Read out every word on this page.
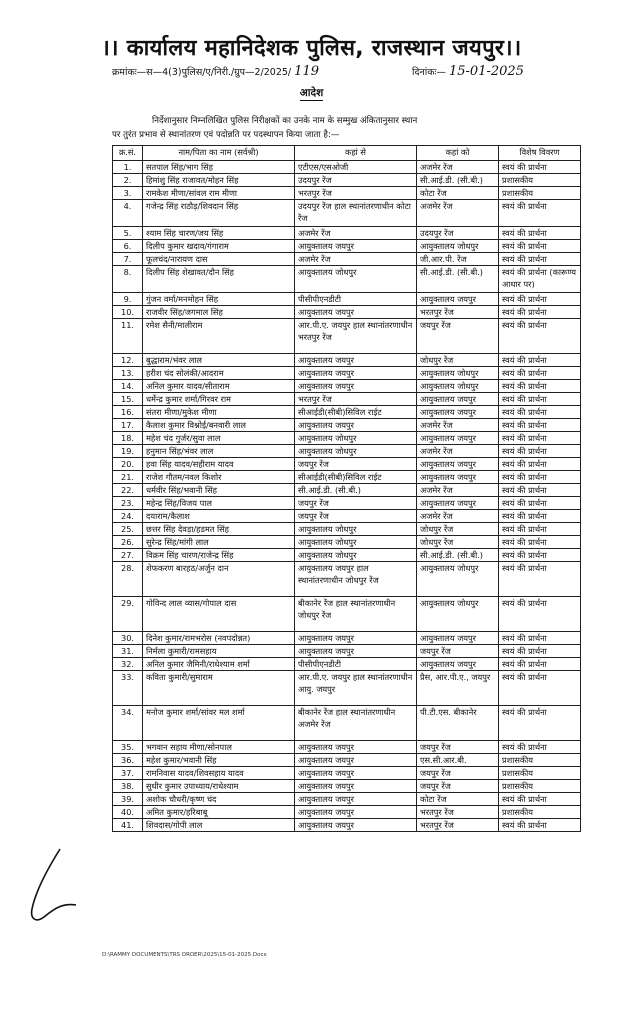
।। कार्यालय महानिदेशक पुलिस, राजस्थान जयपुर।।
क्रमांकः—स—4(3)पुलिस/ए/निरी./ग्रुप—2/2025/ 119	दिनांकः— 15-01-2025
आदेश
निर्देशानुसार निम्नलिखित पुलिस निरीक्षकों का उनके नाम के सम्मुख अंकितानुसार स्थान
पर तुरंत प्रभाव से स्थानांतरण एवं पदोन्नति पर पदस्थापन किया जाता है:—
क्र.सं.	नाम/पिता का नाम (सर्वश्री)	कहां से	कहां को	विशेष विवरण
1.	सतपाल सिंह/भाग सिंह	एटीएस/एसओजी	अजमेर रेंज	स्वयं की प्रार्थना
2.	हिमांशु सिंह राजावत/मोहन सिंह	उदयपुर रेंज	सी.आई.डी. (सी.बी.)	प्रशासकीय
3.	रामकेश मीणा/सांवल राम मीणा	भरतपुर रेंज	कोटा रेंज	प्रशासकीय
4.	गजेन्द्र सिंह राठौड़/शिवदान सिंह	उदयपुर रेंज हाल स्थानांतरणाधीन कोटा रेंज	अजमेर रेंज	स्वयं की प्रार्थना
5.	श्याम सिंह चारण/जय सिंह	अजमेर रेंज	उदयपुर रेंज	स्वयं की प्रार्थना
6.	दिलीप कुमार खदाव/गंगाराम	आयुक्तालय जयपुर	आयुक्तालय जोधपुर	स्वयं की प्रार्थना
7.	फूलचंद/नारायण दास	अजमेर रेंज	जी.आर.पी. रेंज	स्वयं की प्रार्थना
8.	दिलीप सिंह शेखावत/दौन सिंह	आयुक्तालय जोधपुर	सी.आई.डी. (सी.बी.)	स्वयं की प्रार्थना (कारूण्य आधार पर)
9.	गुंजन वर्मा/मनमोहन सिंह	पीसीपीएनडीटी	आयुक्तालय जयपुर	स्वयं की प्रार्थना
10.	राजवीर सिंह/जगमाल सिंह	आयुक्तालय जयपुर	भरतपुर रेंज	स्वयं की प्रार्थना
11.	रमेश सैनी/मालीराम	आर.पी.ए. जयपुर हाल स्थानांतरणाधीन भरतपुर रेंज	जयपुर रेंज	स्वयं की प्रार्थना
12.	बुद्धाराम/भंवर लाल	आयुक्तालय जयपुर	जोधपुर रेंज	स्वयं की प्रार्थना
13.	हरीश चंद सोलंकी/आदराम	आयुक्तालय जयपुर	आयुक्तालय जोधपुर	स्वयं की प्रार्थना
14.	अनिल कुमार यादव/सीताराम	आयुक्तालय जयपुर	आयुक्तालय जोधपुर	स्वयं की प्रार्थना
15.	धर्मेन्द्र कुमार शर्मा/गिरवर राम	भरतपुर रेंज	आयुक्तालय जयपुर	स्वयं की प्रार्थना
16.	संतरा मीणा/मुकेश मीणा	सीआईडी(सीबी)सिविल राईट	आयुक्तालय जयपुर	स्वयं की प्रार्थना
17.	कैलाश कुमार विश्नोई/बनवारी लाल	आयुक्तालय जयपुर	अजमेर रेंज	स्वयं की प्रार्थना
18.	महेश चंद गुर्जर/सुवा लाल	आयुक्तालय जोधपुर	आयुक्तालय जयपुर	स्वयं की प्रार्थना
19.	हनुमान सिंह/भंवर लाल	आयुक्तालय जोधपुर	अजमेर रेंज	स्वयं की प्रार्थना
20.	हवा सिंह यादव/सहीराम यादव	जयपुर रेंज	आयुक्तालय जयपुर	स्वयं की प्रार्थना
21.	राजेश गौतम/नवल किशोर	सीआईडी(सीबी)सिविल राईट	आयुक्तालय जयपुर	स्वयं की प्रार्थना
22.	धर्मवीर सिंह/भवानी सिंह	सी.आई.डी. (सी.बी.)	अजमेर रेंज	स्वयं की प्रार्थना
23.	महेन्द्र सिंह/विजय पाल	जयपुर रेंज	आयुक्तालय जयपुर	स्वयं की प्रार्थना
24.	दयाराम/कैलाश	जयपुर रेंज	अजमेर रेंज	स्वयं की प्रार्थना
25.	छत्तर सिंह देवड़ा/हडमत सिंह	आयुक्तालय जोधपुर	जोधपुर रेंज	स्वयं की प्रार्थना
26.	सुरेन्द्र सिंह/मांगी लाल	आयुक्तालय जोधपुर	जोधपुर रेंज	स्वयं की प्रार्थना
27.	विक्रम सिंह चारण/राजेन्द्र सिंह	आयुक्तालय जोधपुर	सी.आई.डी. (सी.बी.)	स्वयं की प्रार्थना
28.	शेफकरण बारहठ/अर्जुन दान	आयुक्तालय जयपुर हाल स्थानांतरणाधीन जोधपुर रेंज	आयुक्तालय जोधपुर	स्वयं की प्रार्थना
29.	गोविन्द लाल व्यास/गोपाल दास	बीकानेर रेंज हाल स्थानांतरणाधीन जोधपुर रेंज	आयुक्तालय जोधपुर	स्वयं की प्रार्थना
30.	दिनेश कुमार/रामभरोस (नवपदोन्नत)	आयुक्तालय जयपुर	आयुक्तालय जयपुर	स्वयं की प्रार्थना
31.	निर्मला कुमारी/रामसहाय	आयुक्तालय जयपुर	जयपुर रेंज	स्वयं की प्रार्थना
32.	अनिल कुमार जैमिनी/राधेश्याम शर्मा	पीसीपीएनडीटी	आयुक्तालय जयपुर	स्वयं की प्रार्थना
33.	कविता कुमारी/सुमाराम	आर.पी.ए. जयपुर हाल स्थानांतरणाधीन आयु. जयपुर	प्रैस, आर.पी.ए., जयपुर	स्वयं की प्रार्थना
34.	मनोज कुमार शर्मा/सांवर मल शर्मा	बीकानेर रेंज हाल स्थानांतरणाधीन अजमेर रेंज	पी.टी.एस. बीकानेर	स्वयं की प्रार्थना
35.	भगवान सहाय मीणा/सोनपाल	आयुक्तालय जयपुर	जयपुर रेंज	स्वयं की प्रार्थना
36.	महेश कुमार/भवानी सिंह	आयुक्तालय जयपुर	एस.सी.आर.बी.	प्रशासकीय
37.	रामनिवास यादव/शिवसहाय यादव	आयुक्तालय जयपुर	जयपुर रेंज	प्रशासकीय
38.	सुधीर कुमार उपाध्याय/राधेश्याम	आयुक्तालय जयपुर	जयपुर रेंज	प्रशासकीय
39.	अशोक चौधरी/कृष्ण चंद	आयुक्तालय जयपुर	कोटा रेंज	स्वयं की प्रार्थना
40.	अमित कुमार/हरिबाबू	आयुक्तालय जयपुर	भरतपुर रेंज	प्रशासकीय
41.	शिवदास/गोपी लाल	आयुक्तालय जयपुर	भरतपुर रेंज	स्वयं की प्रार्थना
D:\RAMMY DOCUMENTS\TRS ORDER\2025\15-01-2025.Docx
